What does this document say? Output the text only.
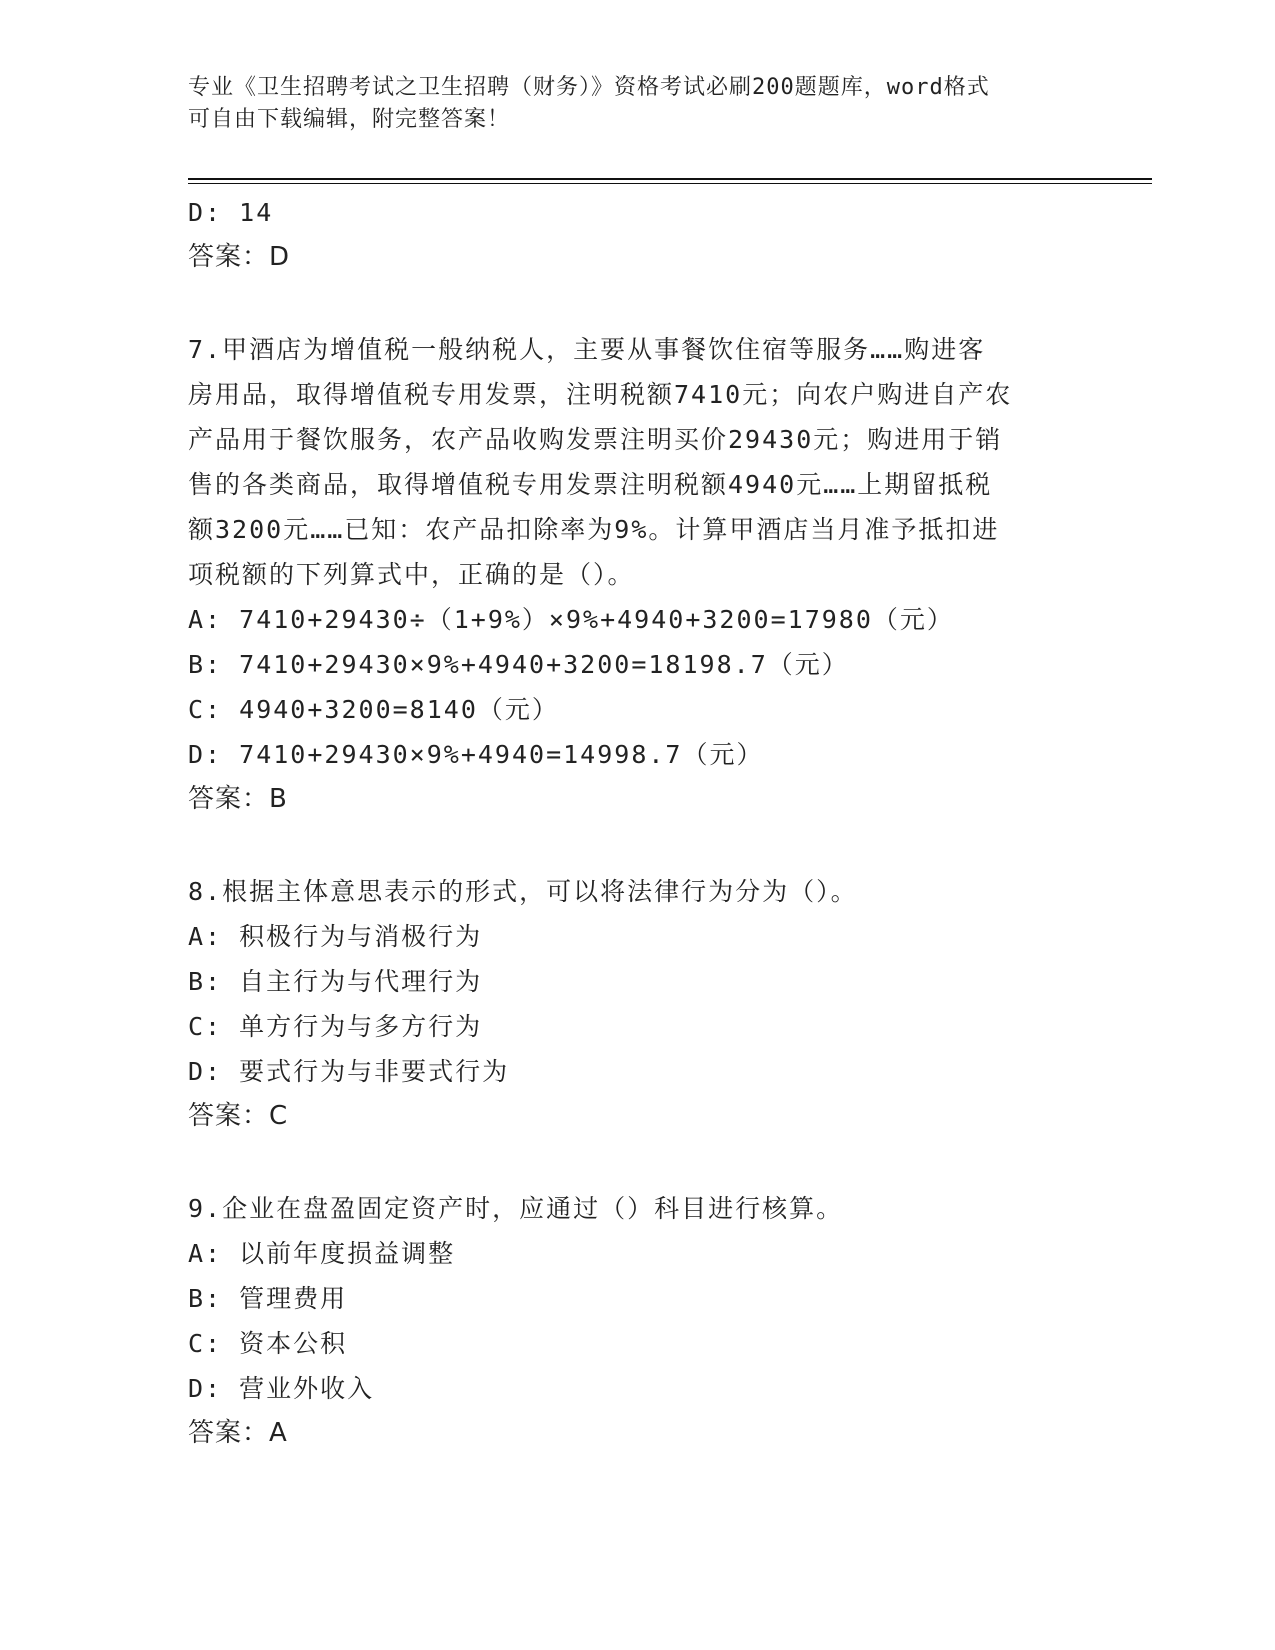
专业《卫生招聘考试之卫生招聘（财务）》资格考试必刷200题题库，word格式
可自由下载编辑，附完整答案！
D: 14
答案：D
7.甲酒店为增值税一般纳税人，主要从事餐饮住宿等服务……购进客
房用品，取得增值税专用发票，注明税额7410元；向农户购进自产农
产品用于餐饮服务，农产品收购发票注明买价29430元；购进用于销
售的各类商品，取得增值税专用发票注明税额4940元……上期留抵税
额3200元……已知：农产品扣除率为9%。计算甲酒店当月准予抵扣进
项税额的下列算式中，正确的是（）。
A: 7410+29430÷（1+9%）×9%+4940+3200=17980（元）
B: 7410+29430×9%+4940+3200=18198.7（元）
C: 4940+3200=8140（元）
D: 7410+29430×9%+4940=14998.7（元）
答案：B
8.根据主体意思表示的形式，可以将法律行为分为（）。
A: 积极行为与消极行为
B: 自主行为与代理行为
C: 单方行为与多方行为
D: 要式行为与非要式行为
答案：C
9.企业在盘盈固定资产时，应通过（）科目进行核算。
A: 以前年度损益调整
B: 管理费用
C: 资本公积
D: 营业外收入
答案：A
